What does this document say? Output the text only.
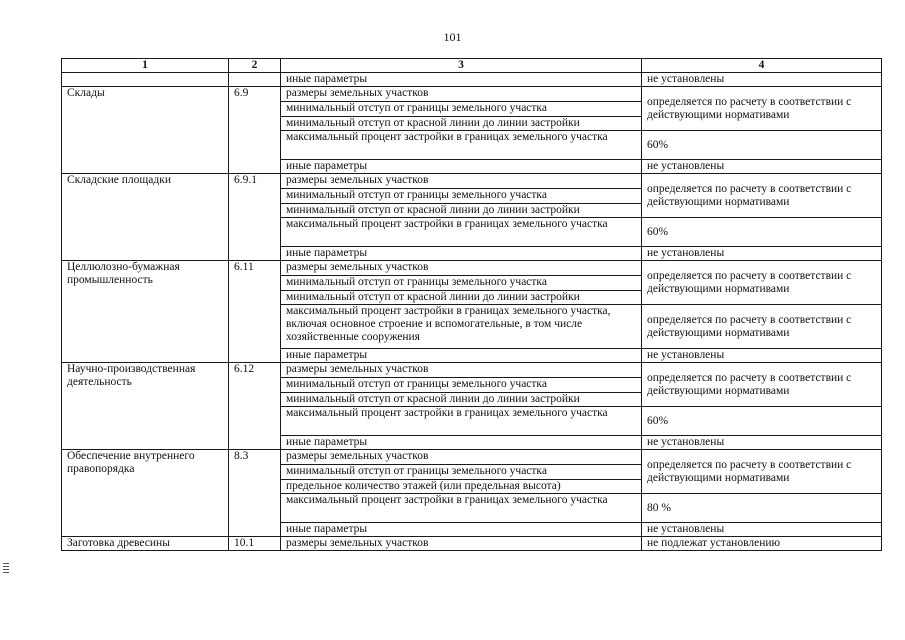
101
1	2	3	4
		иные параметры	не установлены
Склады	6.9	размеры земельных участков	определяется по расчету в соответствии с действующими нормативами
		минимальный отступ от границы земельного участка	
		минимальный отступ от красной линии до линии застройки	
		максимальный процент застройки в границах земельного участка	60%
		иные параметры	не установлены
Складские площадки	6.9.1	размеры земельных участков	определяется по расчету в соответствии с действующими нормативами
		минимальный отступ от границы земельного участка	
		минимальный отступ от красной линии до линии застройки	
		максимальный процент застройки в границах земельного участка	60%
		иные параметры	не установлены
Целлюлозно-бумажная промышленность	6.11	размеры земельных участков	определяется по расчету в соответствии с действующими нормативами
		минимальный отступ от границы земельного участка	
		минимальный отступ от красной линии до линии застройки	
		максимальный процент застройки в границах земельного участка, включая основное строение и вспомогательные, в том числе хозяйственные сооружения	определяется по расчету в соответствии с действующими нормативами
		иные параметры	не установлены
Научно-производственная деятельность	6.12	размеры земельных участков	определяется по расчету в соответствии с действующими нормативами
		минимальный отступ от границы земельного участка	
		минимальный отступ от красной линии до линии застройки	
		максимальный процент застройки в границах земельного участка	60%
		иные параметры	не установлены
Обеспечение внутреннего правопорядка	8.3	размеры земельных участков	определяется по расчету в соответствии с действующими нормативами
		минимальный отступ от границы земельного участка	
		предельное количество этажей (или предельная высота)	
		максимальный процент застройки в границах земельного участка	80 %
		иные параметры	не установлены
Заготовка древесины	10.1	размеры земельных участков	не подлежат установлению
